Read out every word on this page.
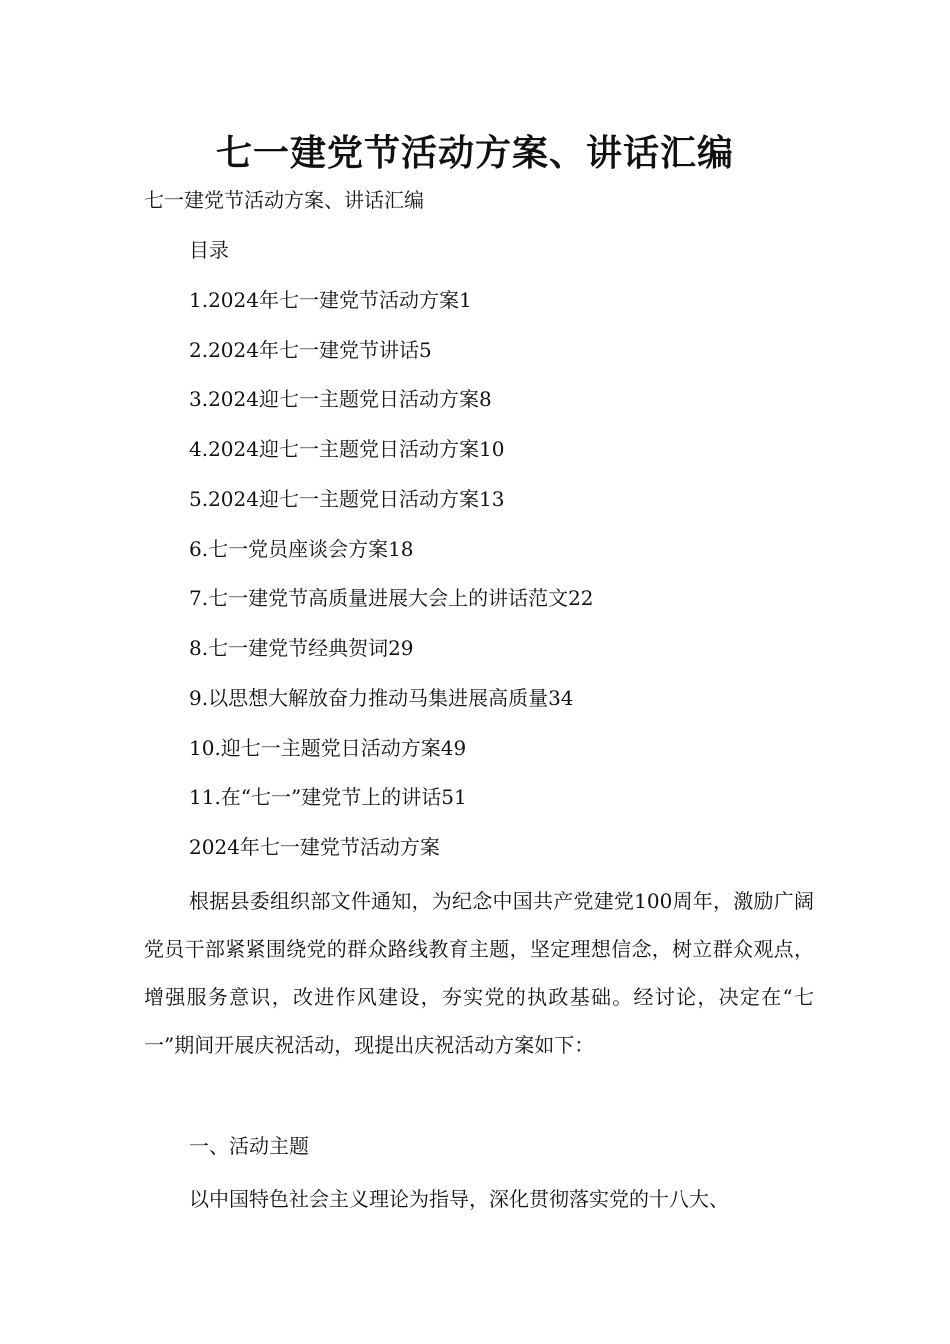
七一建党节活动方案、讲话汇编
七一建党节活动方案、讲话汇编
目录
1.2024年七一建党节活动方案1
2.2024年七一建党节讲话5
3.2024迎七一主题党日活动方案8
4.2024迎七一主题党日活动方案10
5.2024迎七一主题党日活动方案13
6.七一党员座谈会方案18
7.七一建党节高质量进展大会上的讲话范文22
8.七一建党节经典贺词29
9.以思想大解放奋力推动马集进展高质量34
10.迎七一主题党日活动方案49
11.在“七一”建党节上的讲话51
2024年七一建党节活动方案

根据县委组织部文件通知，为纪念中国共产党建党100周年，激励广阔党员干部紧紧围绕党的群众路线教育主题，坚定理想信念，树立群众观点，增强服务意识，改进作风建设，夯实党的执政基础。经讨论，决定在“七一”期间开展庆祝活动，现提出庆祝活动方案如下：

一、活动主题

以中国特色社会主义理论为指导，深化贯彻落实党的十八大、
